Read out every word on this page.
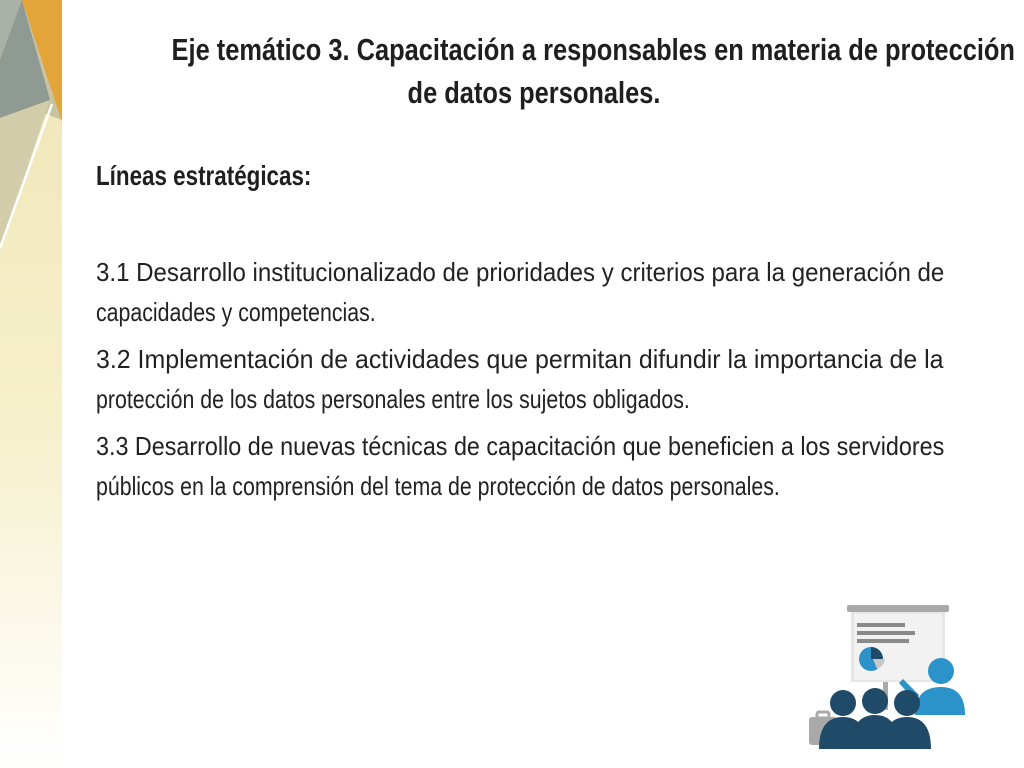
Eje temático 3. Capacitación a responsables en materia de protección
de datos personales.
Líneas estratégicas:
3.1 Desarrollo institucionalizado de prioridades y criterios para la generación de
capacidades y competencias.
3.2 Implementación de actividades que permitan difundir la importancia de la
protección de los datos personales entre los sujetos obligados.
3.3 Desarrollo de nuevas técnicas de capacitación que beneficien a los servidores
públicos en la comprensión del tema de protección de datos personales.
